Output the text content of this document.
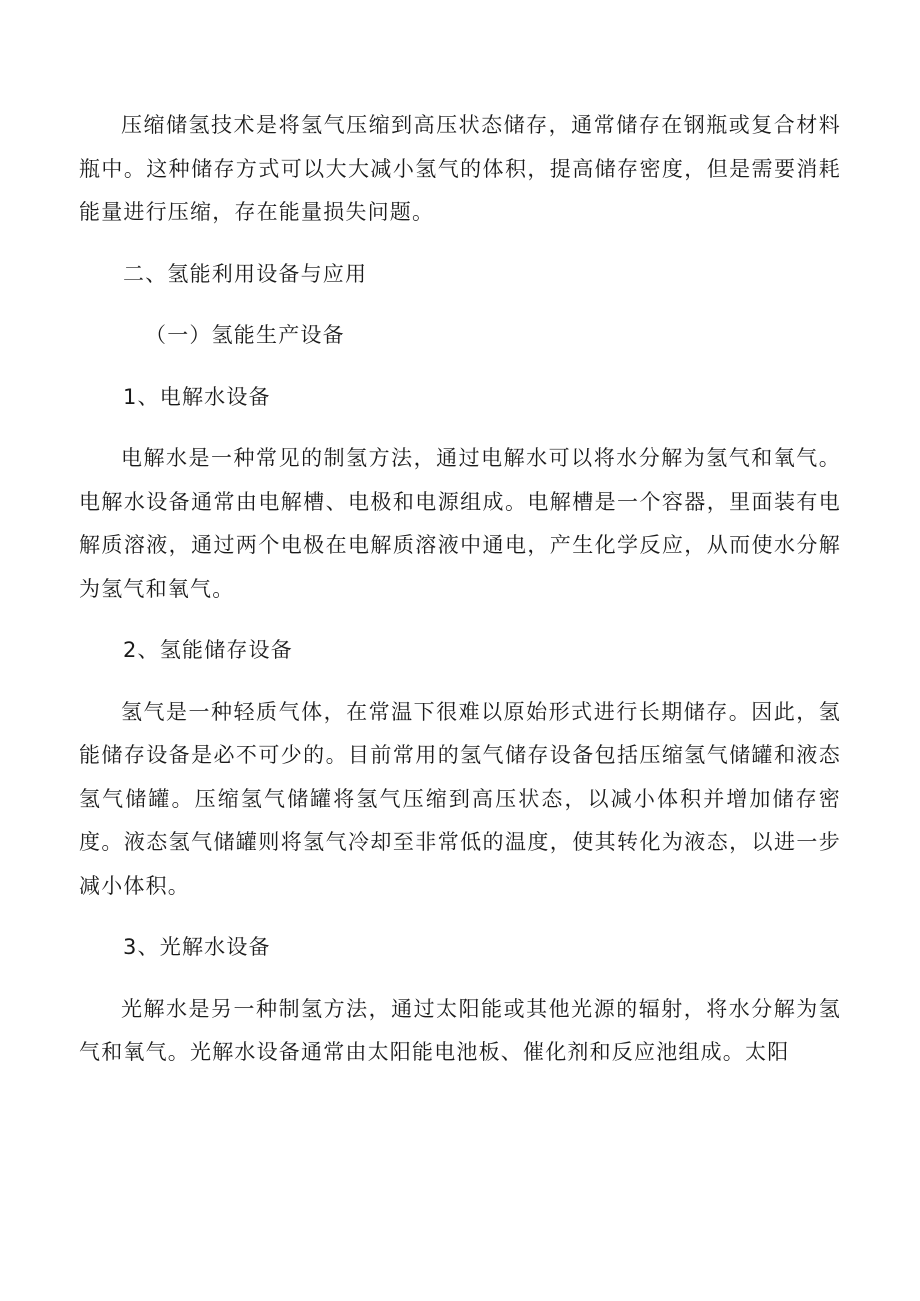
压缩储氢技术是将氢气压缩到高压状态储存，通常储存在钢瓶或复合材料瓶中。这种储存方式可以大大减小氢气的体积，提高储存密度，但是需要消耗能量进行压缩，存在能量损失问题。

二、氢能利用设备与应用

（一）氢能生产设备

1、电解水设备

电解水是一种常见的制氢方法，通过电解水可以将水分解为氢气和氧气。电解水设备通常由电解槽、电极和电源组成。电解槽是一个容器，里面装有电解质溶液，通过两个电极在电解质溶液中通电，产生化学反应，从而使水分解为氢气和氧气。

2、氢能储存设备

氢气是一种轻质气体，在常温下很难以原始形式进行长期储存。因此，氢能储存设备是必不可少的。目前常用的氢气储存设备包括压缩氢气储罐和液态氢气储罐。压缩氢气储罐将氢气压缩到高压状态，以减小体积并增加储存密度。液态氢气储罐则将氢气冷却至非常低的温度，使其转化为液态，以进一步减小体积。

3、光解水设备

光解水是另一种制氢方法，通过太阳能或其他光源的辐射，将水分解为氢气和氧气。光解水设备通常由太阳能电池板、催化剂和反应池组成。太阳
